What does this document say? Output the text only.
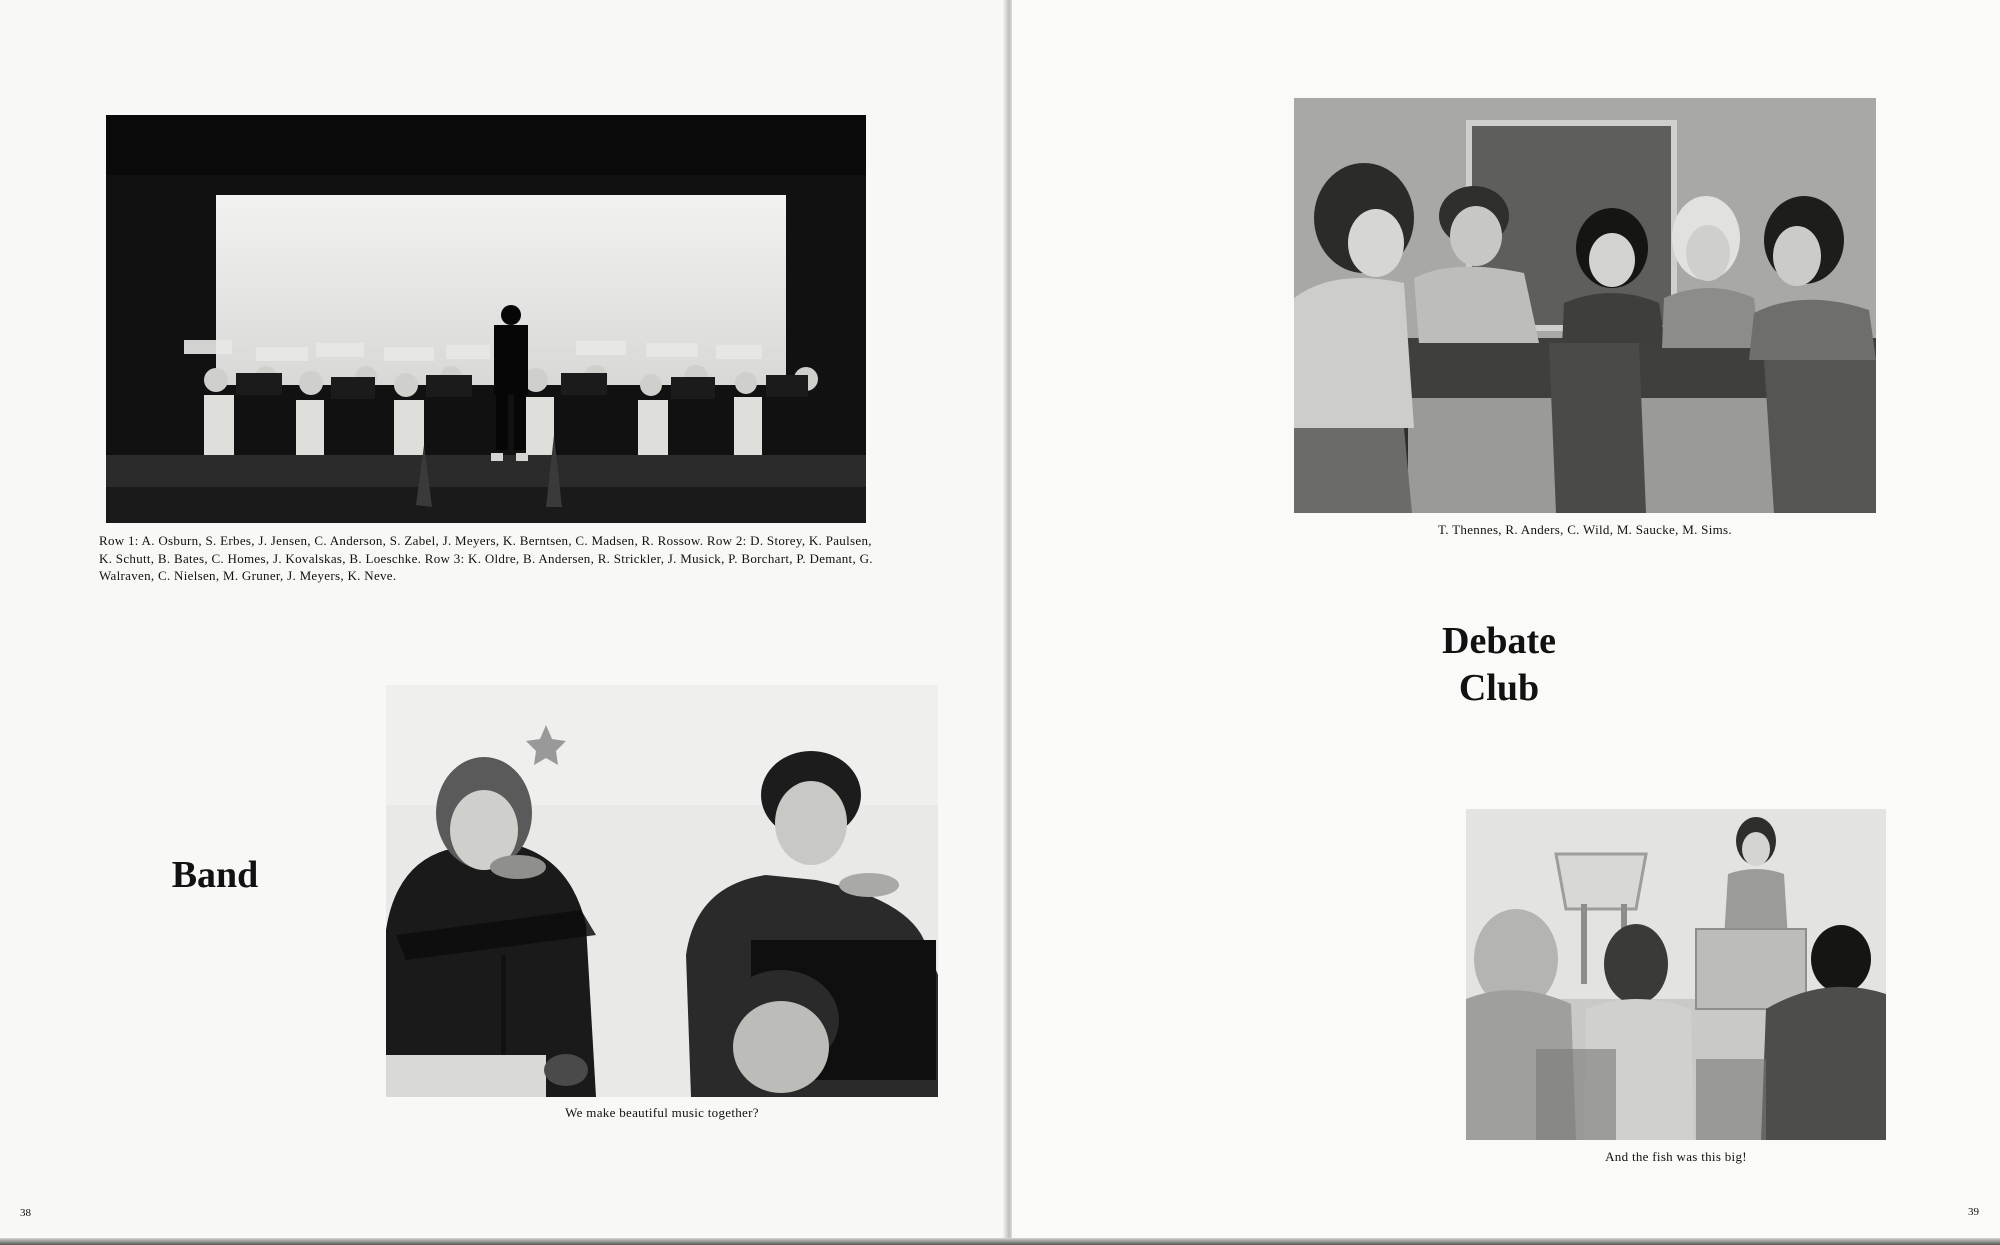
Row 1: A. Osburn, S. Erbes, J. Jensen, C. Anderson, S. Zabel, J. Meyers, K. Berntsen, C. Madsen, R. Rossow. Row 2: D. Storey, K. Paulsen, K. Schutt, B. Bates, C. Homes, J. Kovalskas, B. Loeschke. Row 3: K. Oldre, B. Andersen, R. Strickler, J. Musick, P. Borchart, P. Demant, G. Walraven, C. Nielsen, M. Gruner, J. Meyers, K. Neve.

Band

We make beautiful music together?

38

T. Thennes, R. Anders, C. Wild, M. Saucke, M. Sims.

Debate
Club

And the fish was this big!

39
